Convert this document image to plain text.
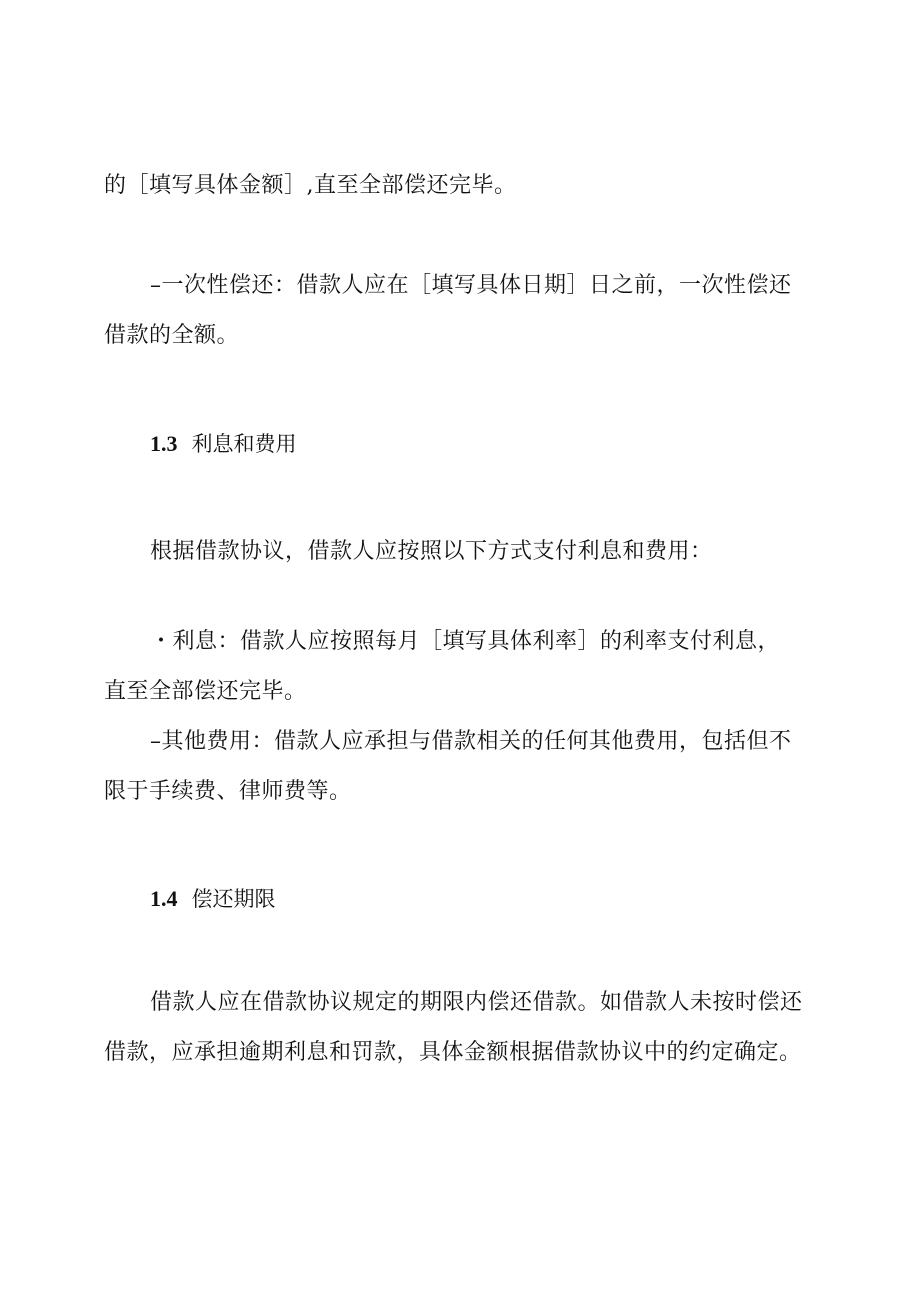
的［填写具体金额］,直至全部偿还完毕。
–一次性偿还：借款人应在［填写具体日期］日之前，一次性偿还
借款的全额。
1.3 利息和费用
根据借款协议，借款人应按照以下方式支付利息和费用：
・利息：借款人应按照每月［填写具体利率］的利率支付利息，
直至全部偿还完毕。
–其他费用：借款人应承担与借款相关的任何其他费用，包括但不
限于手续费、律师费等。
1.4 偿还期限
借款人应在借款协议规定的期限内偿还借款。如借款人未按时偿还
借款，应承担逾期利息和罚款，具体金额根据借款协议中的约定确定。
